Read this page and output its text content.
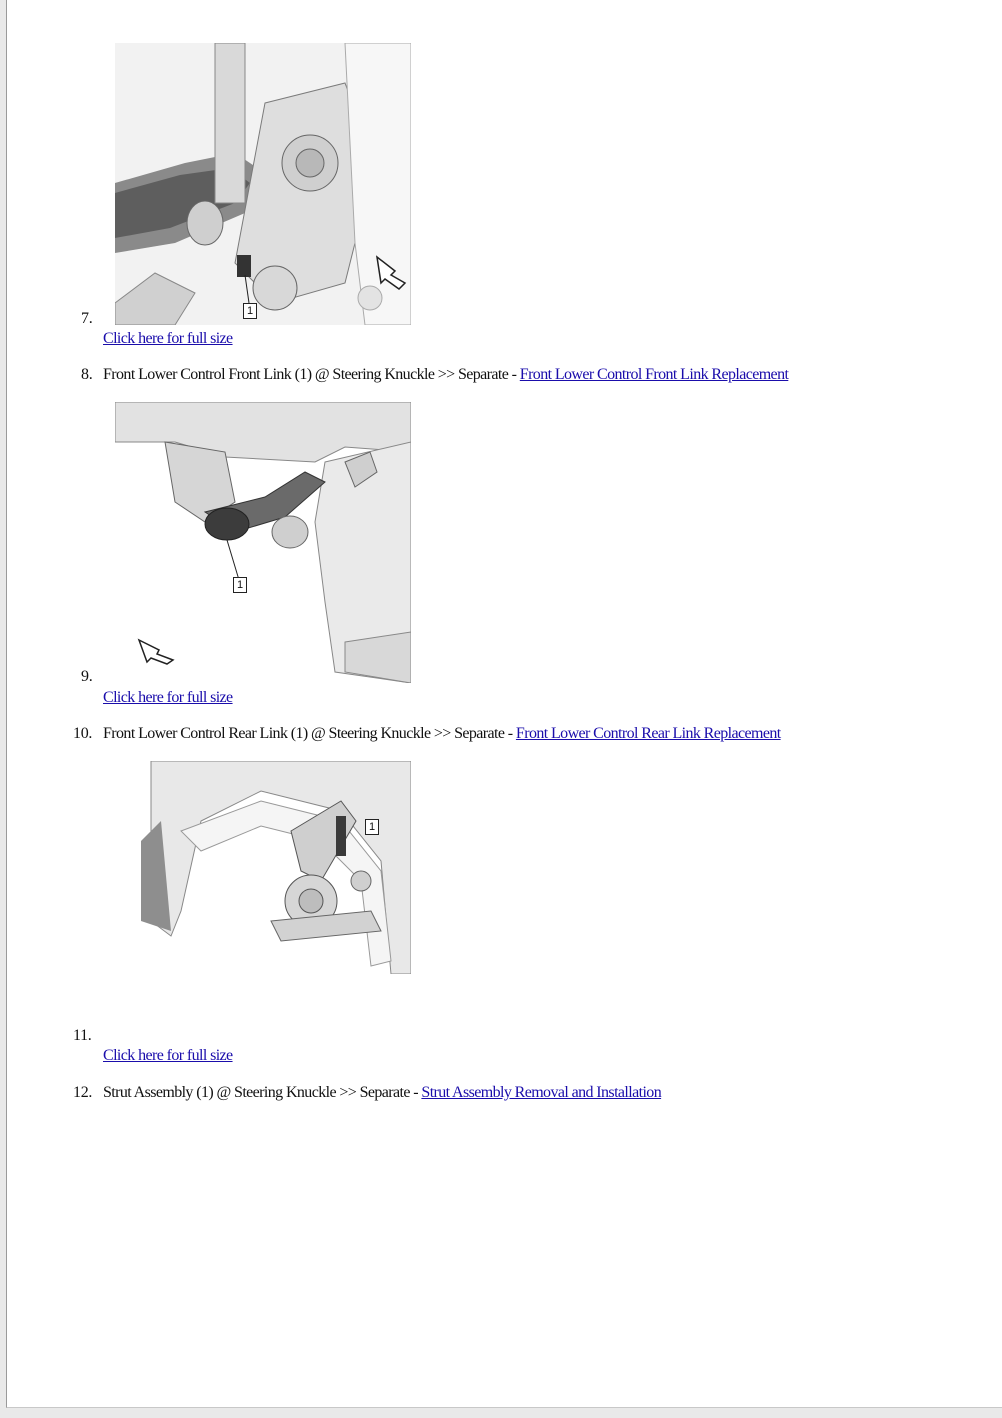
1
7.
Click here for full size
8. Front Lower Control Front Link (1) @ Steering Knuckle >> Separate - Front Lower Control Front Link Replacement
1
9.
Click here for full size
10. Front Lower Control Rear Link (1) @ Steering Knuckle >> Separate - Front Lower Control Rear Link Replacement
1
11.
Click here for full size
12. Strut Assembly (1) @ Steering Knuckle >> Separate - Strut Assembly Removal and Installation
